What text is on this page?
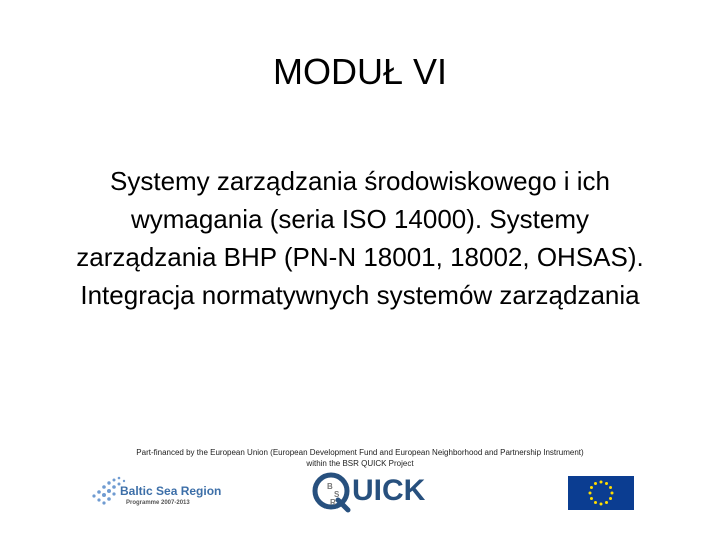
MODUŁ VI
Systemy zarządzania środowiskowego i ich
wymagania (seria ISO 14000). Systemy
zarządzania BHP (PN-N 18001, 18002, OHSAS).
Integracja normatywnych systemów zarządzania
Part-financed by the European Union (European Development Fund and European Neighborhood and Partnership Instrument)
within the BSR QUICK Project
Baltic Sea Region
Programme 2007-2013
B
S
R UICK
